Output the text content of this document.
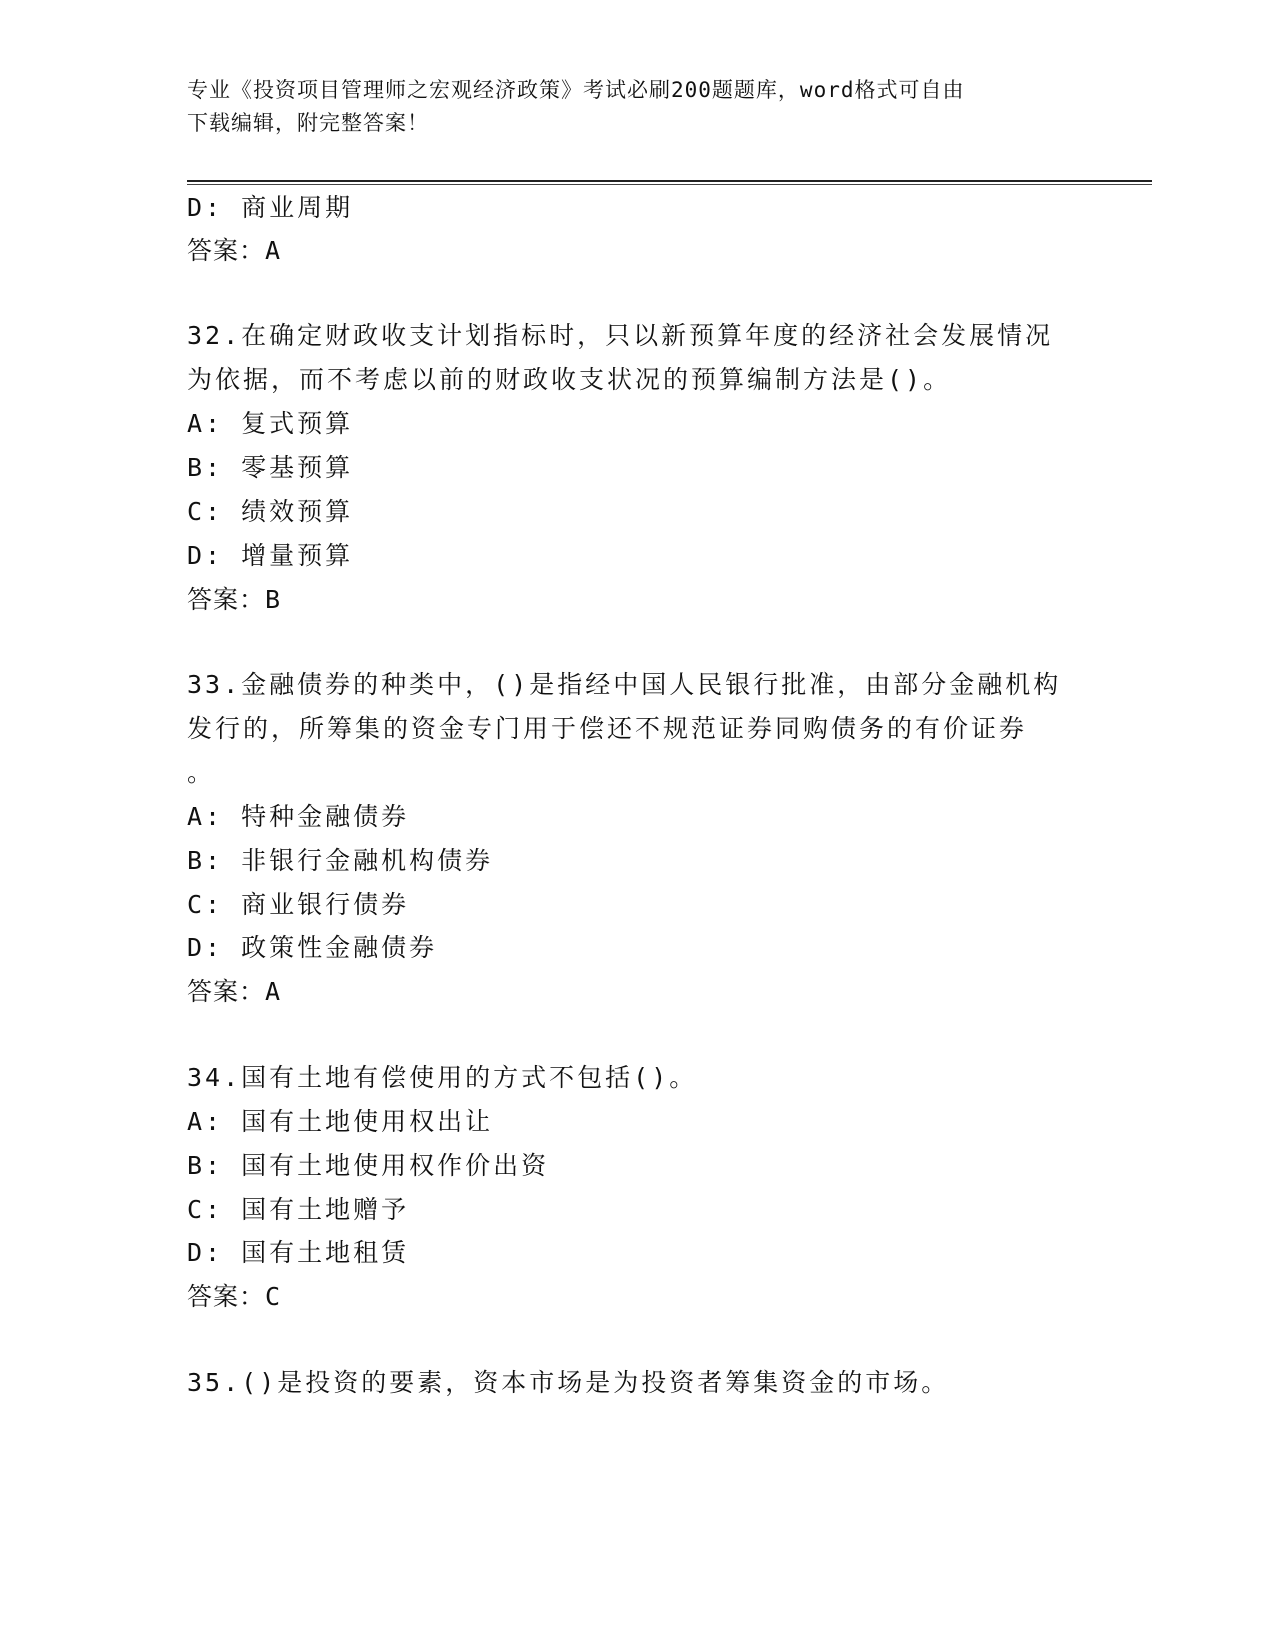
专业《投资项目管理师之宏观经济政策》考试必刷200题题库，word格式可自由
下载编辑，附完整答案！
D: 商业周期
答案：A
32.在确定财政收支计划指标时，只以新预算年度的经济社会发展情况
为依据，而不考虑以前的财政收支状况的预算编制方法是()。
A: 复式预算
B: 零基预算
C: 绩效预算
D: 增量预算
答案：B
33.金融债券的种类中，()是指经中国人民银行批准，由部分金融机构
发行的，所筹集的资金专门用于偿还不规范证券同购债务的有价证券
。
A: 特种金融债券
B: 非银行金融机构债券
C: 商业银行债券
D: 政策性金融债券
答案：A
34.国有土地有偿使用的方式不包括()。
A: 国有土地使用权出让
B: 国有土地使用权作价出资
C: 国有土地赠予
D: 国有土地租赁
答案：C
35.()是投资的要素，资本市场是为投资者筹集资金的市场。
